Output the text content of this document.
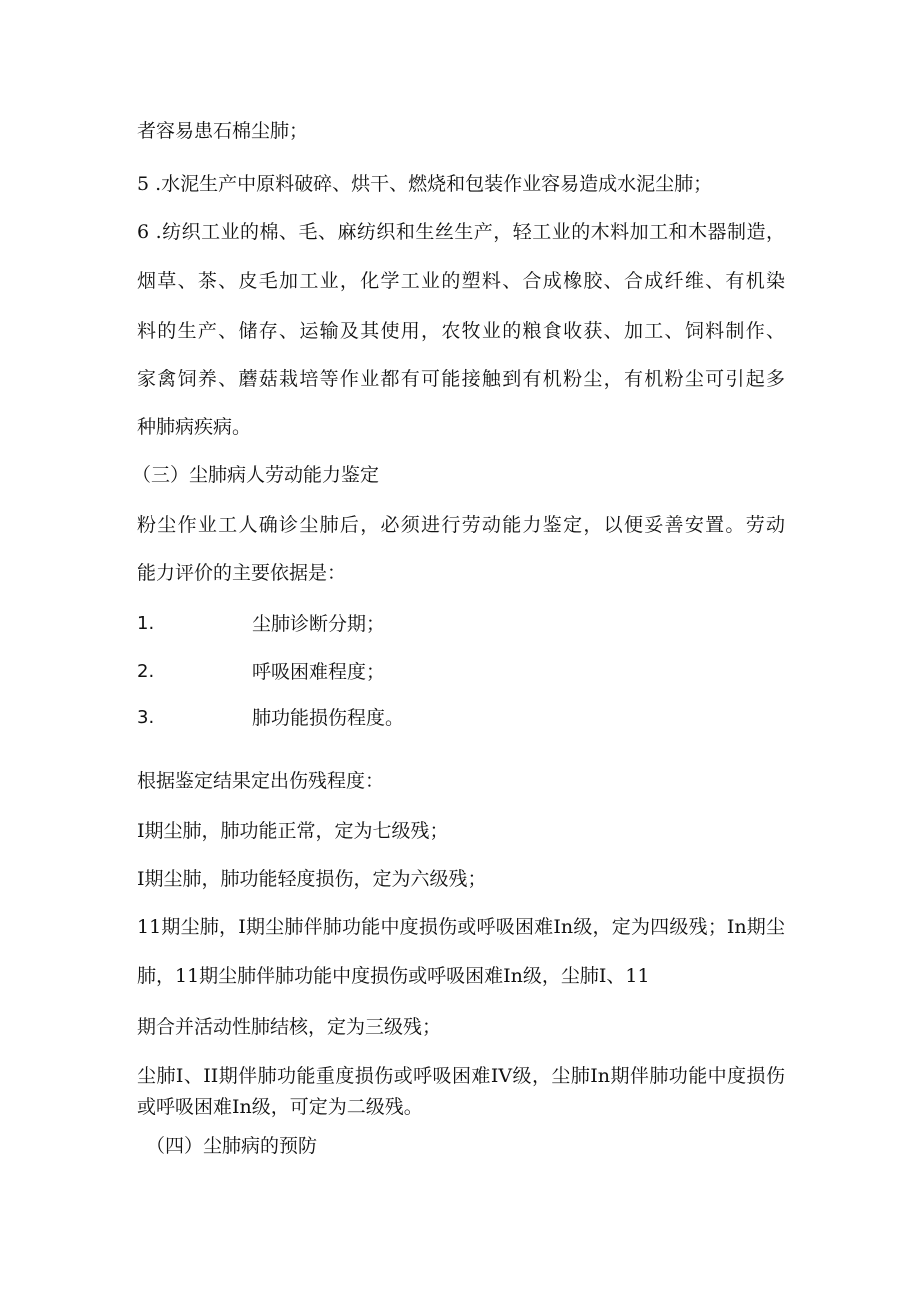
者容易患石棉尘肺；
5 .水泥生产中原料破碎、烘干、燃烧和包装作业容易造成水泥尘肺；
6 .纺织工业的棉、毛、麻纺织和生丝生产，轻工业的木料加工和木器制造，
烟草、茶、皮毛加工业，化学工业的塑料、合成橡胶、合成纤维、有机染
料的生产、储存、运输及其使用，农牧业的粮食收获、加工、饲料制作、
家禽饲养、蘑菇栽培等作业都有可能接触到有机粉尘，有机粉尘可引起多
种肺病疾病。
（三）尘肺病人劳动能力鉴定
粉尘作业工人确诊尘肺后，必须进行劳动能力鉴定，以便妥善安置。劳动
能力评价的主要依据是：
1.	尘肺诊断分期；
2.	呼吸困难程度；
3.	肺功能损伤程度。
根据鉴定结果定出伤残程度：
I期尘肺，肺功能正常，定为七级残；
I期尘肺，肺功能轻度损伤，定为六级残；
11期尘肺，I期尘肺伴肺功能中度损伤或呼吸困难In级，定为四级残；In期尘
肺，11期尘肺伴肺功能中度损伤或呼吸困难In级，尘肺I、11
期合并活动性肺结核，定为三级残；
尘肺I、II期伴肺功能重度损伤或呼吸困难IV级，尘肺In期伴肺功能中度损伤
或呼吸困难In级，可定为二级残。
（四）尘肺病的预防
